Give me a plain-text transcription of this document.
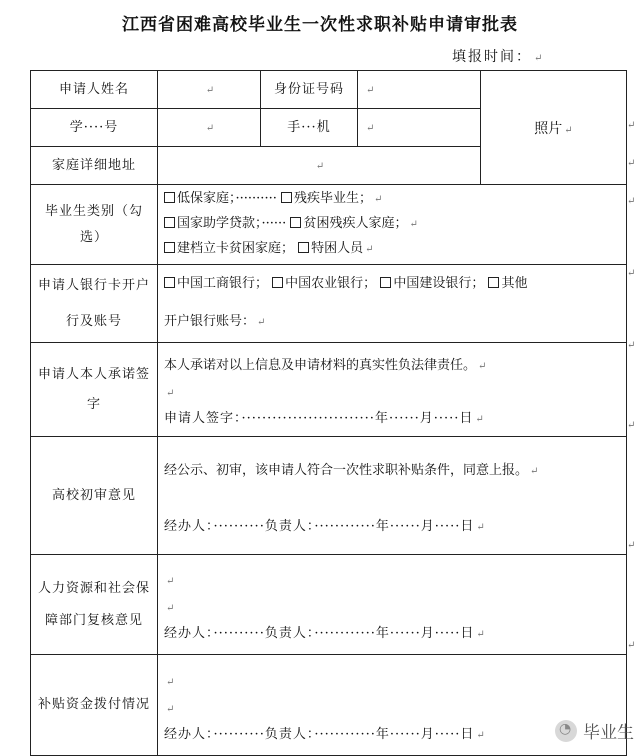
江西省困难高校毕业生一次性求职补贴申请审批表
填报时间： ↵
申请人姓名	↵	身份证号码	↵	照片 ↵
学····号	↵	手···机	↵	
家庭详细地址	↵			
毕业生类别（勾选）	低保家庭；·········· 残疾毕业生； ↵
国家助学贷款；······ 贫困残疾人家庭； ↵
建档立卡贫困家庭； 特困人员 ↵			

申请人银行卡开户行及账号	中国工商银行； 中国农业银行； 中国建设银行； 其他
开户银行账号： ↵			

申请人本人承诺签字	本人承诺对以上信息及申请材料的真实性负法律责任。 ↵
↵
申请人签字：··························年······月·····日 ↵			

高校初审意见	经公示、初审，该申请人符合一次性求职补贴条件，同意上报。 ↵
经办人：··········负责人：············年······月·····日 ↵			

人力资源和社会保障部门复核意见	↵
↵
经办人：··········负责人：············年······月·····日 ↵			

补贴资金拨付情况	↵
↵
经办人：··········负责人：············年······月·····日 ↵			
↵
↵
↵
↵
↵
↵
↵
↵
◔
毕业生
